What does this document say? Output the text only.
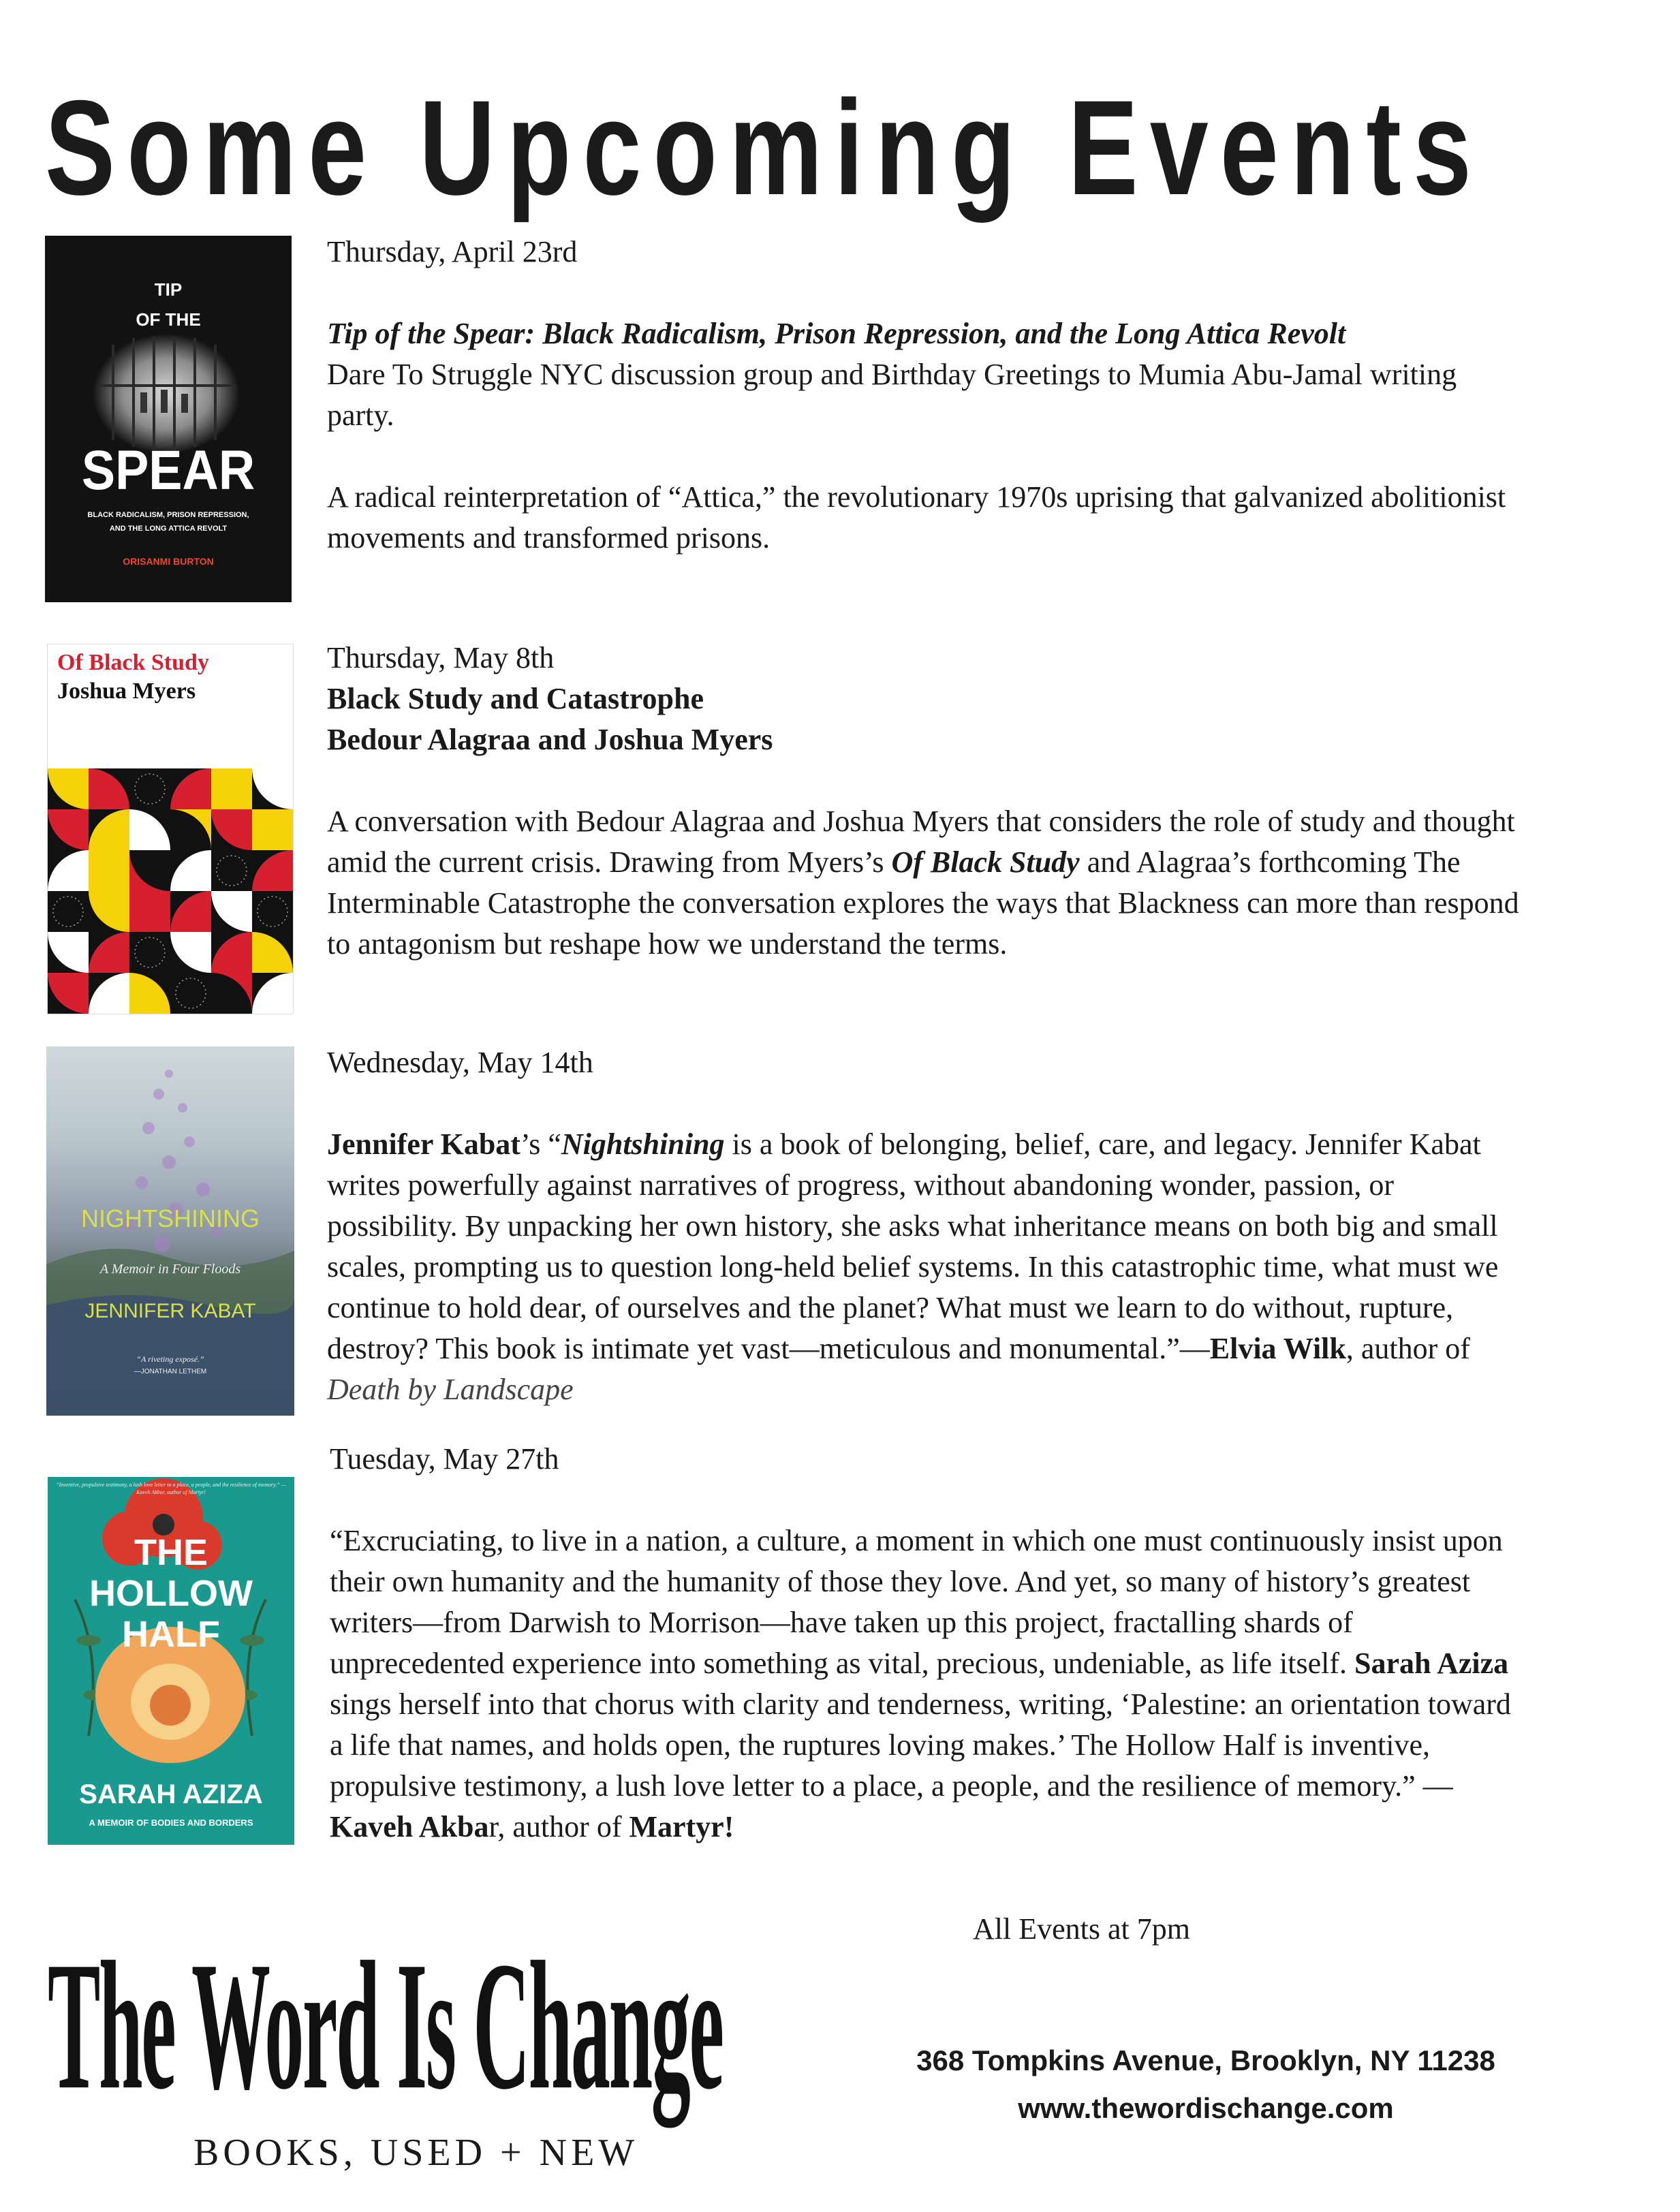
Some Upcoming Events
TIP
OF THE
SPEAR
BLACK RADICALISM, PRISON REPRESSION,
AND THE LONG ATTICA REVOLT
ORISANMI BURTON

Thursday, April 23rd

Tip of the Spear: Black Radicalism, Prison Repression, and the Long Attica Revolt

Dare To Struggle NYC discussion group and Birthday Greetings to Mumia Abu-Jamal writing party.

A radical reinterpretation of “Attica,” the revolutionary 1970s uprising that galvanized abolitionist movements and transformed prisons.

Of Black Study
Joshua Myers

Thursday, May 8th

Black Study and Catastrophe

Bedour Alagraa and Joshua Myers

A conversation with Bedour Alagraa and Joshua Myers that considers the role of study and thought amid the current crisis. Drawing from Myers’s Of Black Study and Alagraa’s forthcoming The Interminable Catastrophe the conversation explores the ways that Blackness can more than respond to antagonism but reshape how we understand the terms.

NIGHTSHINING
A Memoir in Four Floods
JENNIFER KABAT
“A riveting exposé.”
—JONATHAN LETHEM

Wednesday, May 14th

Jennifer Kabat’s “Nightshining is a book of belonging, belief, care, and legacy. Jennifer Kabat writes powerfully against narratives of progress, without abandoning wonder, passion, or possibility. By unpacking her own history, she asks what inheritance means on both big and small scales, prompting us to question long-held belief systems. In this catastrophic time, what must we continue to hold dear, of ourselves and the planet? What must we learn to do without, rupture, destroy? This book is intimate yet vast—meticulous and monumental.”—Elvia Wilk, author of Death by Landscape

“Inventive, propulsive testimony, a lush love letter to a place, a people, and the resilience of memory.” —Kaveh Akbar, author of Martyr!
THE
HOLLOW
HALF
SARAH AZIZA
A MEMOIR OF BODIES AND BORDERS

Tuesday, May 27th

“Excruciating, to live in a nation, a culture, a moment in which one must continuously insist upon their own humanity and the humanity of those they love. And yet, so many of history’s greatest writers—from Darwish to Morrison—have taken up this project, fractalling shards of unprecedented experience into something as vital, precious, undeniable, as life itself. Sarah Aziza sings herself into that chorus with clarity and tenderness, writing, ‘Palestine: an orientation toward a life that names, and holds open, the ruptures loving makes.’ The Hollow Half is inventive, propulsive testimony, a lush love letter to a place, a people, and the resilience of memory.” —Kaveh Akbar, author of Martyr!

All Events at 7pm

The Word Is Change
BOOKS, USED + NEW

368 Tompkins Avenue, Brooklyn, NY 11238

www.thewordischange.com
